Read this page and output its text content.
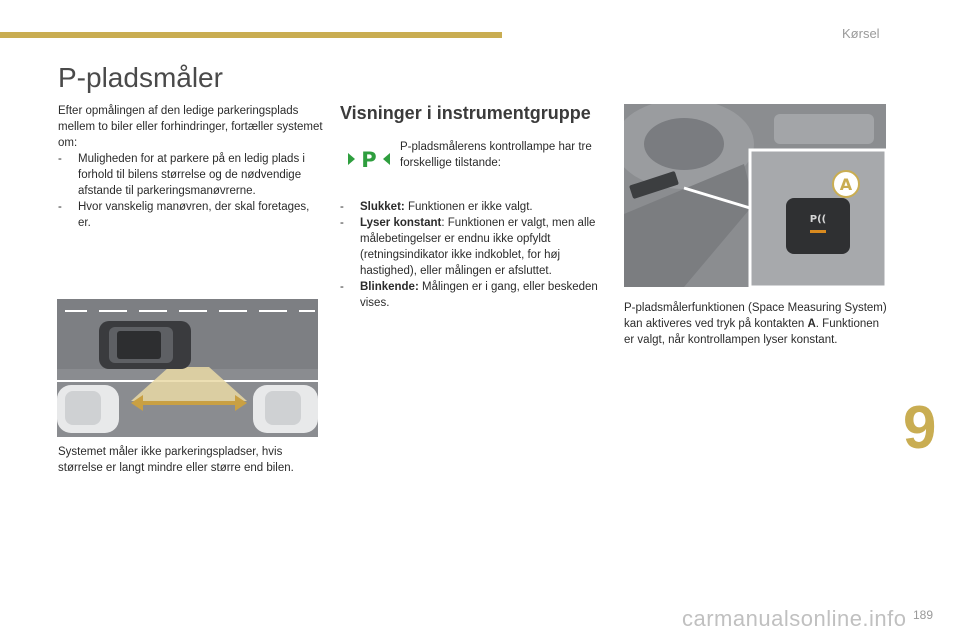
Kørsel
P-pladsmåler

Efter opmålingen af den ledige parkeringsplads mellem to biler eller forhindringer, fortæller systemet om:

- Muligheden for at parkere på en ledig plads i forhold til bilens størrelse og de nødvendige afstande til parkeringsmanøvrerne.

- Hvor vanskelig manøvren, der skal foretages, er.

Systemet måler ikke parkeringspladser, hvis størrelse er langt mindre eller større end bilen.

Visninger i instrumentgruppe
P

P-pladsmålerens kontrollampe har tre forskellige tilstande:

- Slukket: Funktionen er ikke valgt.

- Lyser konstant: Funktionen er valgt, men alle målebetingelser er endnu ikke opfyldt (retningsindikator ikke indkoblet, for høj hastighed), eller målingen er afsluttet.

- Blinkende: Målingen er i gang, eller beskeden vises.

P((
A

P-pladsmålerfunktionen (Space Measuring System) kan aktiveres ved tryk på kontakten A. Funktionen er valgt, når kontrollampen lyser konstant.

9
189
carmanualsonline.info
